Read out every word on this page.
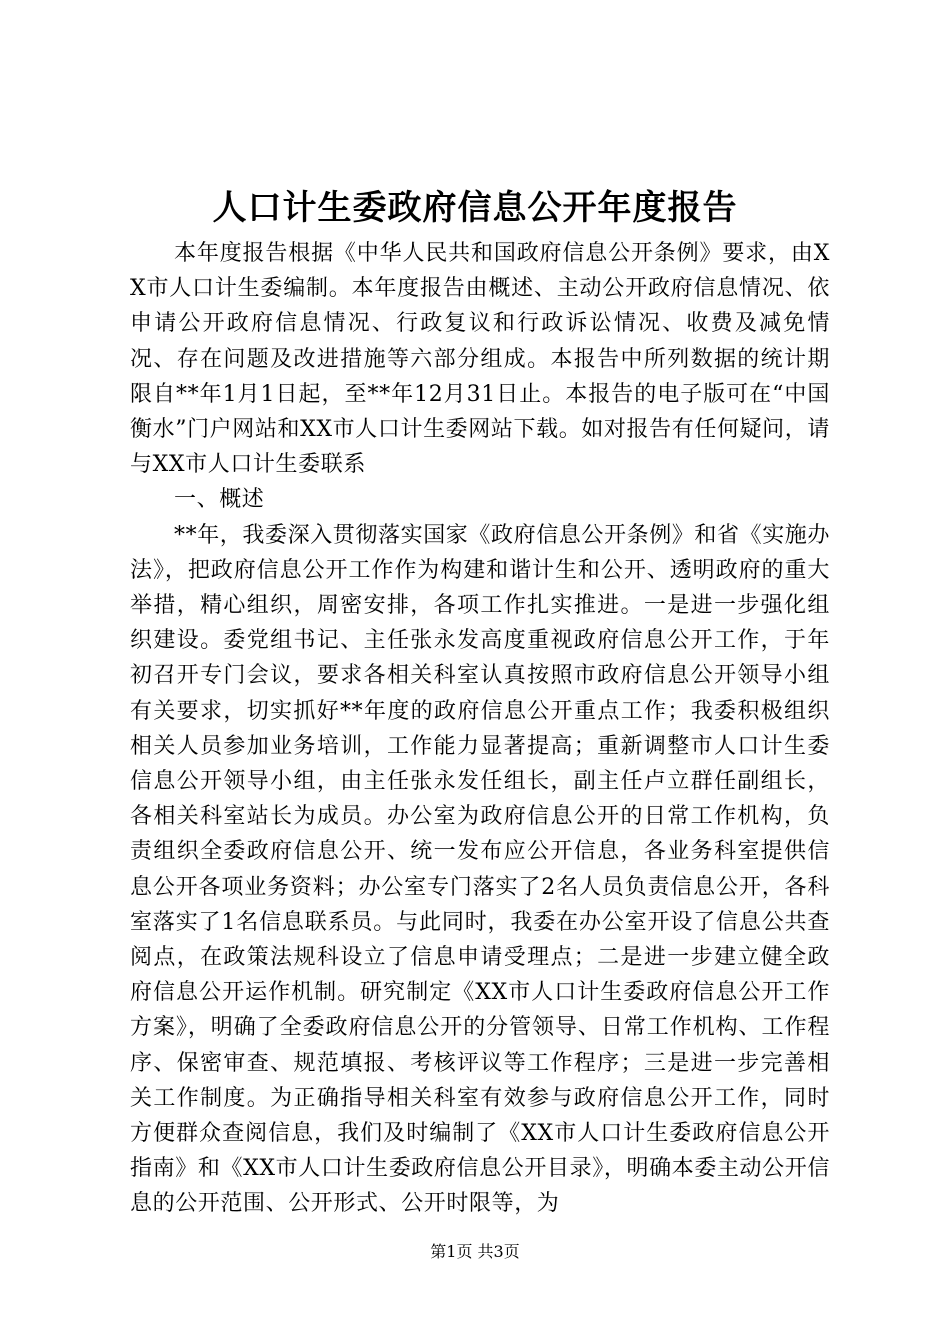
人口计生委政府信息公开年度报告

本年度报告根据《中华人民共和国政府信息公开条例》要求，由XX市人口计生委编制。本年度报告由概述、主动公开政府信息情况、依申请公开政府信息情况、行政复议和行政诉讼情况、收费及减免情况、存在问题及改进措施等六部分组成。本报告中所列数据的统计期限自**年1月1日起，至**年12月31日止。本报告的电子版可在“中国衡水”门户网站和XX市人口计生委网站下载。如对报告有任何疑问，请与XX市人口计生委联系

一、概述

**年，我委深入贯彻落实国家《政府信息公开条例》和省《实施办法》，把政府信息公开工作作为构建和谐计生和公开、透明政府的重大举措，精心组织，周密安排，各项工作扎实推进。一是进一步强化组织建设。委党组书记、主任张永发高度重视政府信息公开工作，于年初召开专门会议，要求各相关科室认真按照市政府信息公开领导小组有关要求，切实抓好**年度的政府信息公开重点工作；我委积极组织相关人员参加业务培训，工作能力显著提高；重新调整市人口计生委信息公开领导小组，由主任张永发任组长，副主任卢立群任副组长，各相关科室站长为成员。办公室为政府信息公开的日常工作机构，负责组织全委政府信息公开、统一发布应公开信息，各业务科室提供信息公开各项业务资料；办公室专门落实了2名人员负责信息公开，各科室落实了1名信息联系员。与此同时，我委在办公室开设了信息公共查阅点，在政策法规科设立了信息申请受理点；二是进一步建立健全政府信息公开运作机制。研究制定《XX市人口计生委政府信息公开工作方案》，明确了全委政府信息公开的分管领导、日常工作机构、工作程序、保密审查、规范填报、考核评议等工作程序；三是进一步完善相关工作制度。为正确指导相关科室有效参与政府信息公开工作，同时方便群众查阅信息，我们及时编制了《XX市人口计生委政府信息公开指南》和《XX市人口计生委政府信息公开目录》，明确本委主动公开信息的公开范围、公开形式、公开时限等，为

第1页 共3页
